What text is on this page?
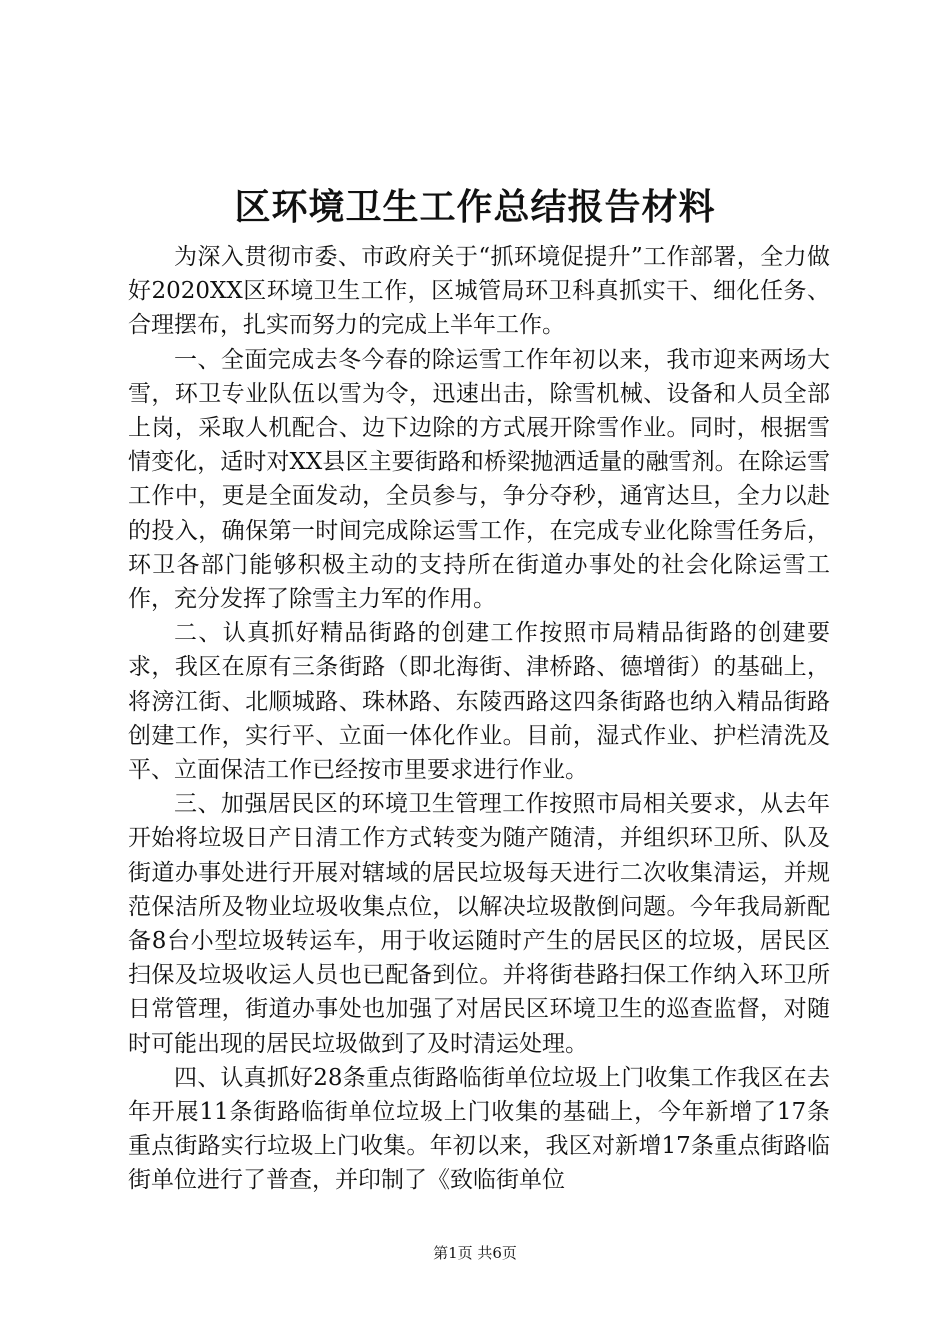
区环境卫生工作总结报告材料

为深入贯彻市委、市政府关于“抓环境促提升”工作部署，全力做好2020XX区环境卫生工作，区城管局环卫科真抓实干、细化任务、合理摆布，扎实而努力的完成上半年工作。

一、全面完成去冬今春的除运雪工作年初以来，我市迎来两场大雪，环卫专业队伍以雪为令，迅速出击，除雪机械、设备和人员全部上岗，采取人机配合、边下边除的方式展开除雪作业。同时，根据雪情变化，适时对XX县区主要街路和桥梁抛洒适量的融雪剂。在除运雪工作中，更是全面发动，全员参与，争分夺秒，通宵达旦，全力以赴的投入，确保第一时间完成除运雪工作，在完成专业化除雪任务后，环卫各部门能够积极主动的支持所在街道办事处的社会化除运雪工作，充分发挥了除雪主力军的作用。

二、认真抓好精品街路的创建工作按照市局精品街路的创建要求，我区在原有三条街路（即北海街、津桥路、德增街）的基础上，将滂江街、北顺城路、珠林路、东陵西路这四条街路也纳入精品街路创建工作，实行平、立面一体化作业。目前，湿式作业、护栏清洗及平、立面保洁工作已经按市里要求进行作业。

三、加强居民区的环境卫生管理工作按照市局相关要求，从去年开始将垃圾日产日清工作方式转变为随产随清，并组织环卫所、队及街道办事处进行开展对辖域的居民垃圾每天进行二次收集清运，并规范保洁所及物业垃圾收集点位，以解决垃圾散倒问题。今年我局新配备8台小型垃圾转运车，用于收运随时产生的居民区的垃圾，居民区扫保及垃圾收运人员也已配备到位。并将街巷路扫保工作纳入环卫所日常管理，街道办事处也加强了对居民区环境卫生的巡查监督，对随时可能出现的居民垃圾做到了及时清运处理。

四、认真抓好28条重点街路临街单位垃圾上门收集工作我区在去年开展11条街路临街单位垃圾上门收集的基础上，今年新增了17条重点街路实行垃圾上门收集。年初以来，我区对新增17条重点街路临街单位进行了普查，并印制了《致临街单位

第1页 共6页
